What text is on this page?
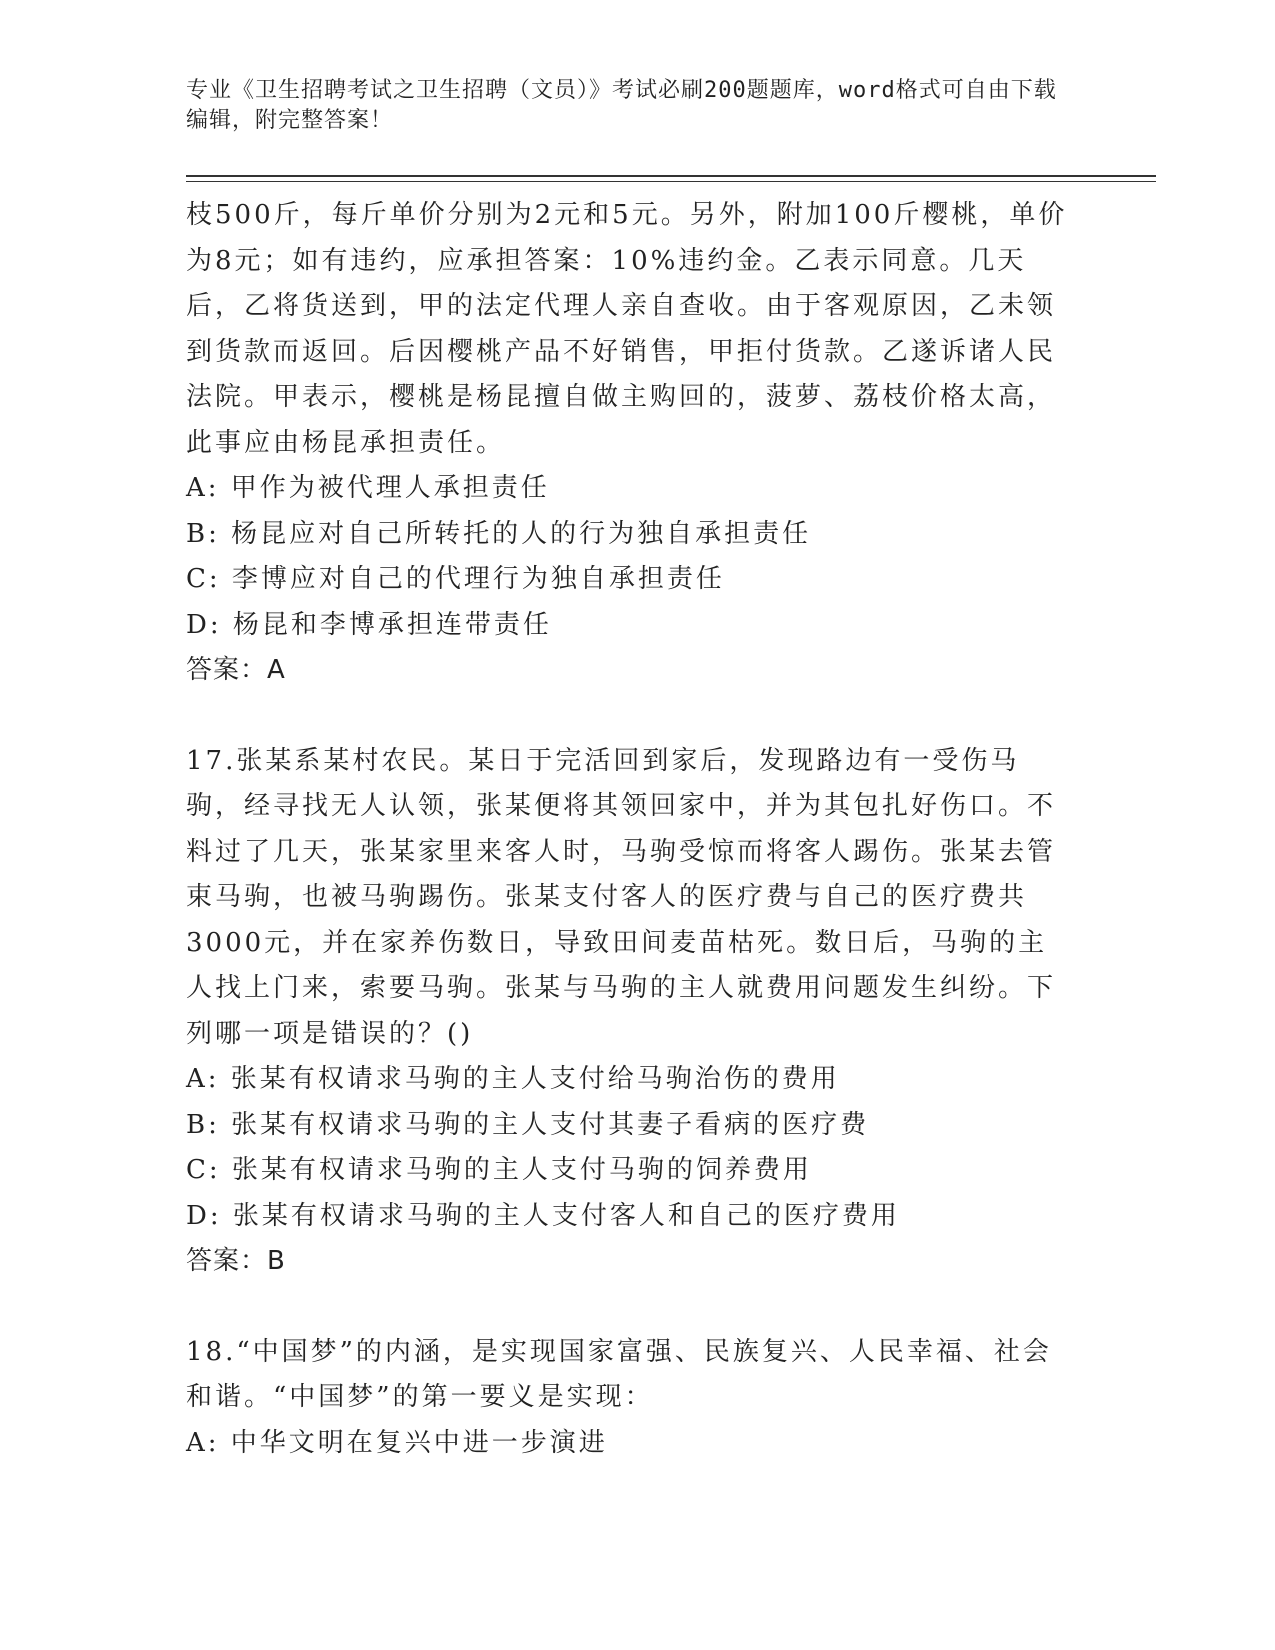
专业《卫生招聘考试之卫生招聘（文员）》考试必刷200题题库，word格式可自由下载编辑，附完整答案！

枝500斤，每斤单价分别为2元和5元。另外，附加100斤樱桃，单价为8元；如有违约，应承担答案：10%违约金。乙表示同意。几天后，乙将货送到，甲的法定代理人亲自查收。由于客观原因，乙未领到货款而返回。后因樱桃产品不好销售，甲拒付货款。乙遂诉诸人民法院。甲表示，樱桃是杨昆擅自做主购回的，菠萝、荔枝价格太高，此事应由杨昆承担责任。

A: 甲作为被代理人承担责任

B: 杨昆应对自己所转托的人的行为独自承担责任

C: 李博应对自己的代理行为独自承担责任

D: 杨昆和李博承担连带责任

答案：A

17.张某系某村农民。某日于完活回到家后，发现路边有一受伤马驹，经寻找无人认领，张某便将其领回家中，并为其包扎好伤口。不料过了几天，张某家里来客人时，马驹受惊而将客人踢伤。张某去管束马驹，也被马驹踢伤。张某支付客人的医疗费与自己的医疗费共3000元，并在家养伤数日，导致田间麦苗枯死。数日后，马驹的主人找上门来，索要马驹。张某与马驹的主人就费用问题发生纠纷。下列哪一项是错误的？()

A: 张某有权请求马驹的主人支付给马驹治伤的费用

B: 张某有权请求马驹的主人支付其妻子看病的医疗费

C: 张某有权请求马驹的主人支付马驹的饲养费用

D: 张某有权请求马驹的主人支付客人和自己的医疗费用

答案：B

18.“中国梦”的内涵，是实现国家富强、民族复兴、人民幸福、社会和谐。“中国梦”的第一要义是实现：

A: 中华文明在复兴中进一步演进
